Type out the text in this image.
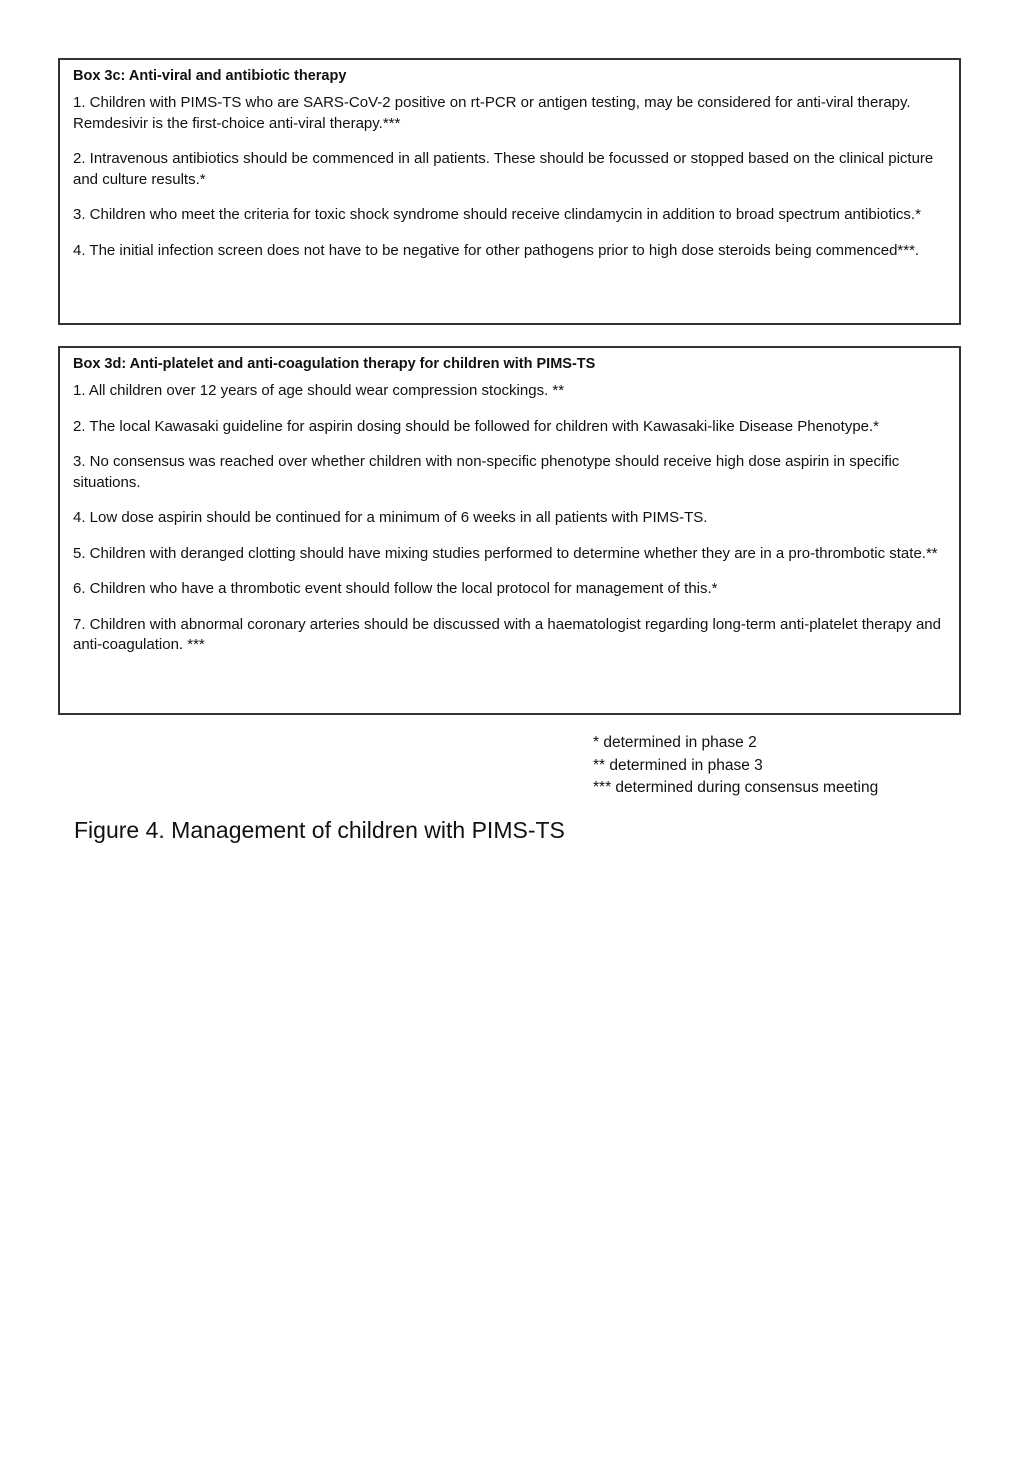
Box 3c: Anti-viral and antibiotic therapy
1. Children with PIMS-TS who are SARS-CoV-2 positive on rt-PCR or antigen testing, may be considered for anti-viral therapy. Remdesivir is the first-choice anti-viral therapy.***
2. Intravenous antibiotics should be commenced in all patients. These should be focussed or stopped based on the clinical picture and culture results.*
3. Children who meet the criteria for toxic shock syndrome should receive clindamycin in addition to broad spectrum antibiotics.*
4. The initial infection screen does not have to be negative for other pathogens prior to high dose steroids being commenced***.
Box 3d: Anti-platelet and anti-coagulation therapy for children with PIMS-TS
1. All children over 12 years of age should wear compression stockings. **
2. The local Kawasaki guideline for aspirin dosing should be followed for children with Kawasaki-like Disease Phenotype.*
3. No consensus was reached over whether children with non-specific phenotype should receive high dose aspirin in specific situations.
4. Low dose aspirin should be continued for a minimum of 6 weeks in all patients with PIMS-TS.
5. Children with deranged clotting should have mixing studies performed to determine whether they are in a pro-thrombotic state.**
6. Children who have a thrombotic event should follow the local protocol for management of this.*
7. Children with abnormal coronary arteries should be discussed with a haematologist regarding long-term anti-platelet therapy and anti-coagulation. ***
* determined in phase 2
** determined in phase 3
*** determined during consensus meeting
Figure 4. Management of children with PIMS-TS
